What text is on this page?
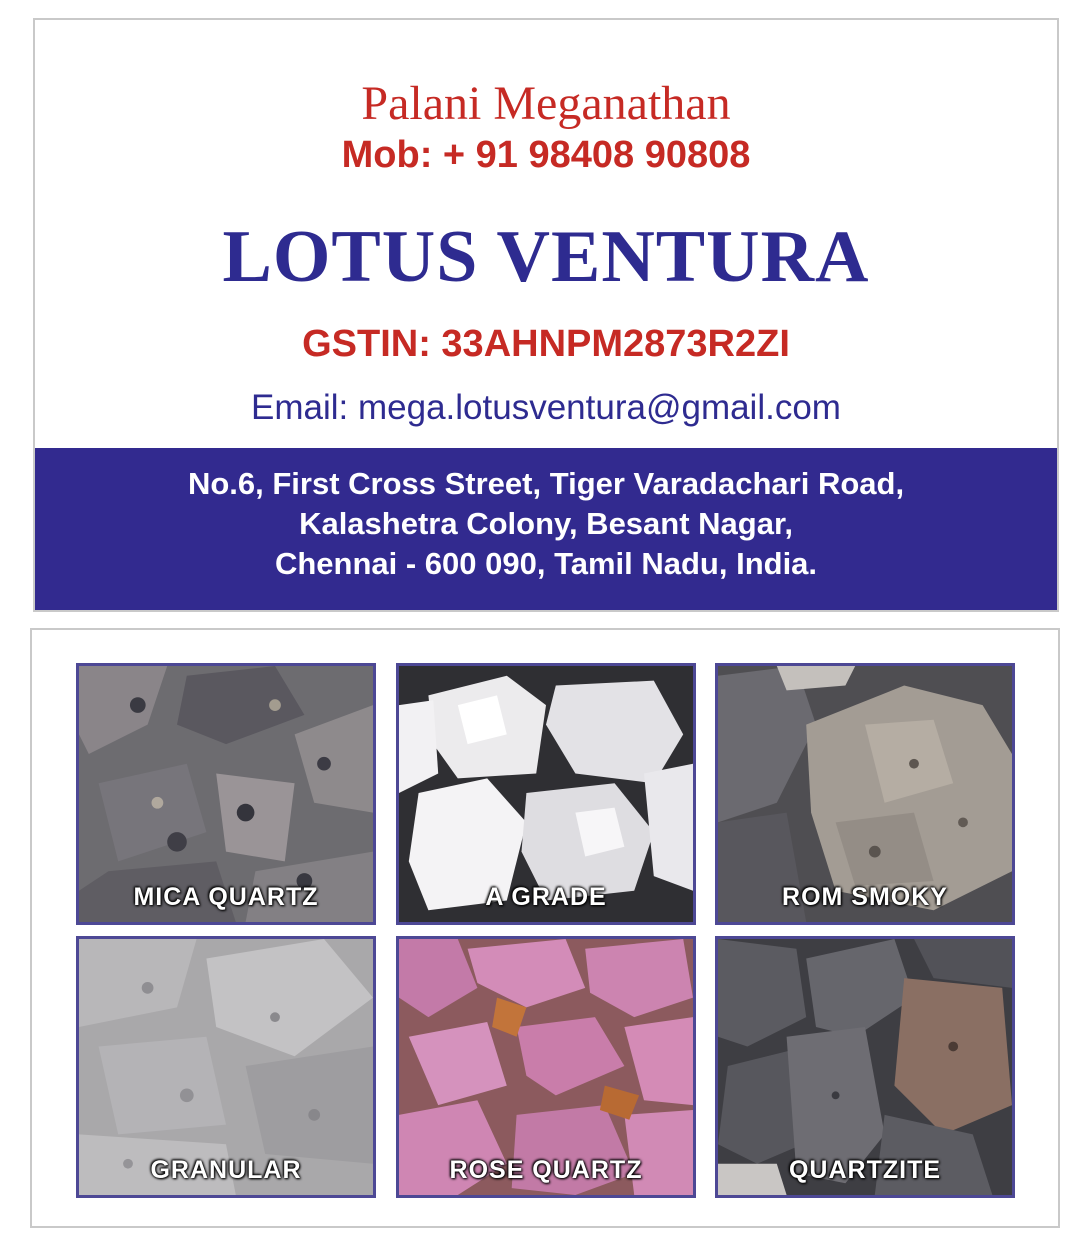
Palani Meganathan
Mob: + 91 98408 90808
LOTUS VENTURA
GSTIN: 33AHNPM2873R2ZI
Email: mega.lotusventura@gmail.com
No.6, First Cross Street, Tiger Varadachari Road,
Kalashetra Colony, Besant Nagar,
Chennai - 600 090, Tamil Nadu, India.
MICA QUARTZ	A GRADE	ROM SMOKY
GRANULAR	ROSE QUARTZ	QUARTZITE
